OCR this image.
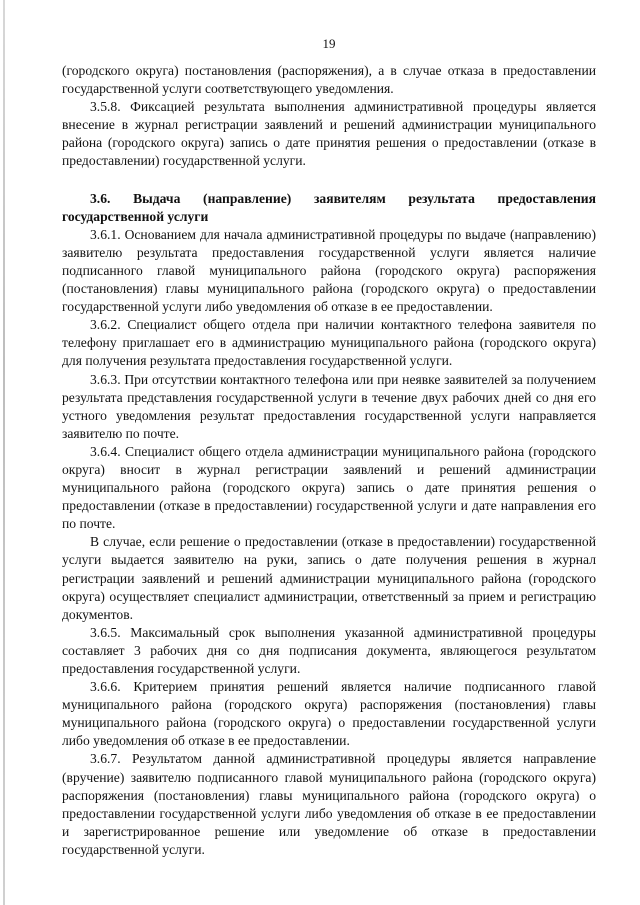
19

(городского округа) постановления (распоряжения), а в случае отказа в предоставлении государственной услуги соответствующего уведомления.

3.5.8. Фиксацией результата выполнения административной процедуры является внесение в журнал регистрации заявлений и решений администрации муниципального района (городского округа) запись о дате принятия решения о предоставлении (отказе в предоставлении) государственной услуги.

3.6. Выдача (направление) заявителям результата предоставления государственной услуги

3.6.1. Основанием для начала административной процедуры по выдаче (направлению) заявителю результата предоставления государственной услуги является наличие подписанного главой муниципального района (городского округа) распоряжения (постановления) главы муниципального района (городского округа) о предоставлении государственной услуги либо уведомления об отказе в ее предоставлении.

3.6.2. Специалист общего отдела при наличии контактного телефона заявителя по телефону приглашает его в администрацию муниципального района (городского округа) для получения результата предоставления государственной услуги.

3.6.3. При отсутствии контактного телефона или при неявке заявителей за получением результата представления государственной услуги в течение двух рабочих дней со дня его устного уведомления результат предоставления государственной услуги направляется заявителю по почте.

3.6.4. Специалист общего отдела администрации муниципального района (городского округа) вносит в журнал регистрации заявлений и решений администрации муниципального района (городского округа) запись о дате принятия решения о предоставлении (отказе в предоставлении) государственной услуги и дате направления его по почте.

В случае, если решение о предоставлении (отказе в предоставлении) государственной услуги выдается заявителю на руки, запись о дате получения решения в журнал регистрации заявлений и решений администрации муниципального района (городского округа) осуществляет специалист администрации, ответственный за прием и регистрацию документов.

3.6.5. Максимальный срок выполнения указанной административной процедуры составляет 3 рабочих дня со дня подписания документа, являющегося результатом предоставления государственной услуги.

3.6.6. Критерием принятия решений является наличие подписанного главой муниципального района (городского округа) распоряжения (постановления) главы муниципального района (городского округа) о предоставлении государственной услуги либо уведомления об отказе в ее предоставлении.

3.6.7. Результатом данной административной процедуры является направление (вручение) заявителю подписанного главой муниципального района (городского округа) распоряжения (постановления) главы муниципального района (городского округа) о предоставлении государственной услуги либо уведомления об отказе в ее предоставлении и зарегистрированное решение или уведомление об отказе в предоставлении государственной услуги.
